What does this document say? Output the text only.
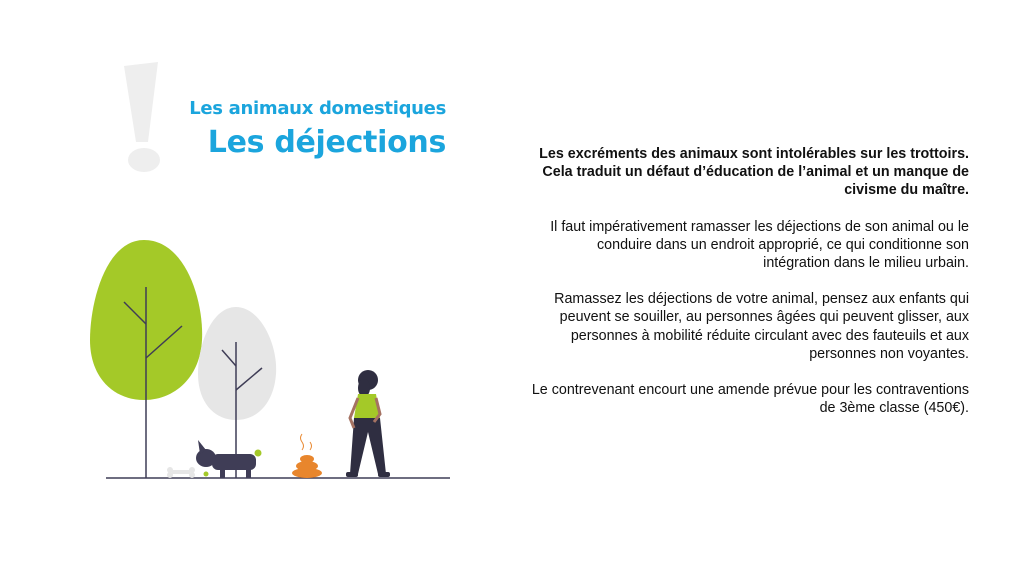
Les animaux domestiques
Les déjections	Les excréments des animaux sont intolérables sur les trottoirs. Cela traduit un défaut d’éducation de l’animal et un manque de civisme du maître.

Il faut impérativement ramasser les déjections de son animal ou le conduire dans un endroit approprié, ce qui conditionne son intégration dans le milieu urbain.

Ramassez les déjections de votre animal, pensez aux enfants qui peuvent se souiller, au personnes âgées qui peuvent glisser, aux personnes à mobilité réduite circulant avec des fauteuils et aux personnes non voyantes.

Le contrevenant encourt une amende prévue pour les contraventions de 3ème classe (450€).
